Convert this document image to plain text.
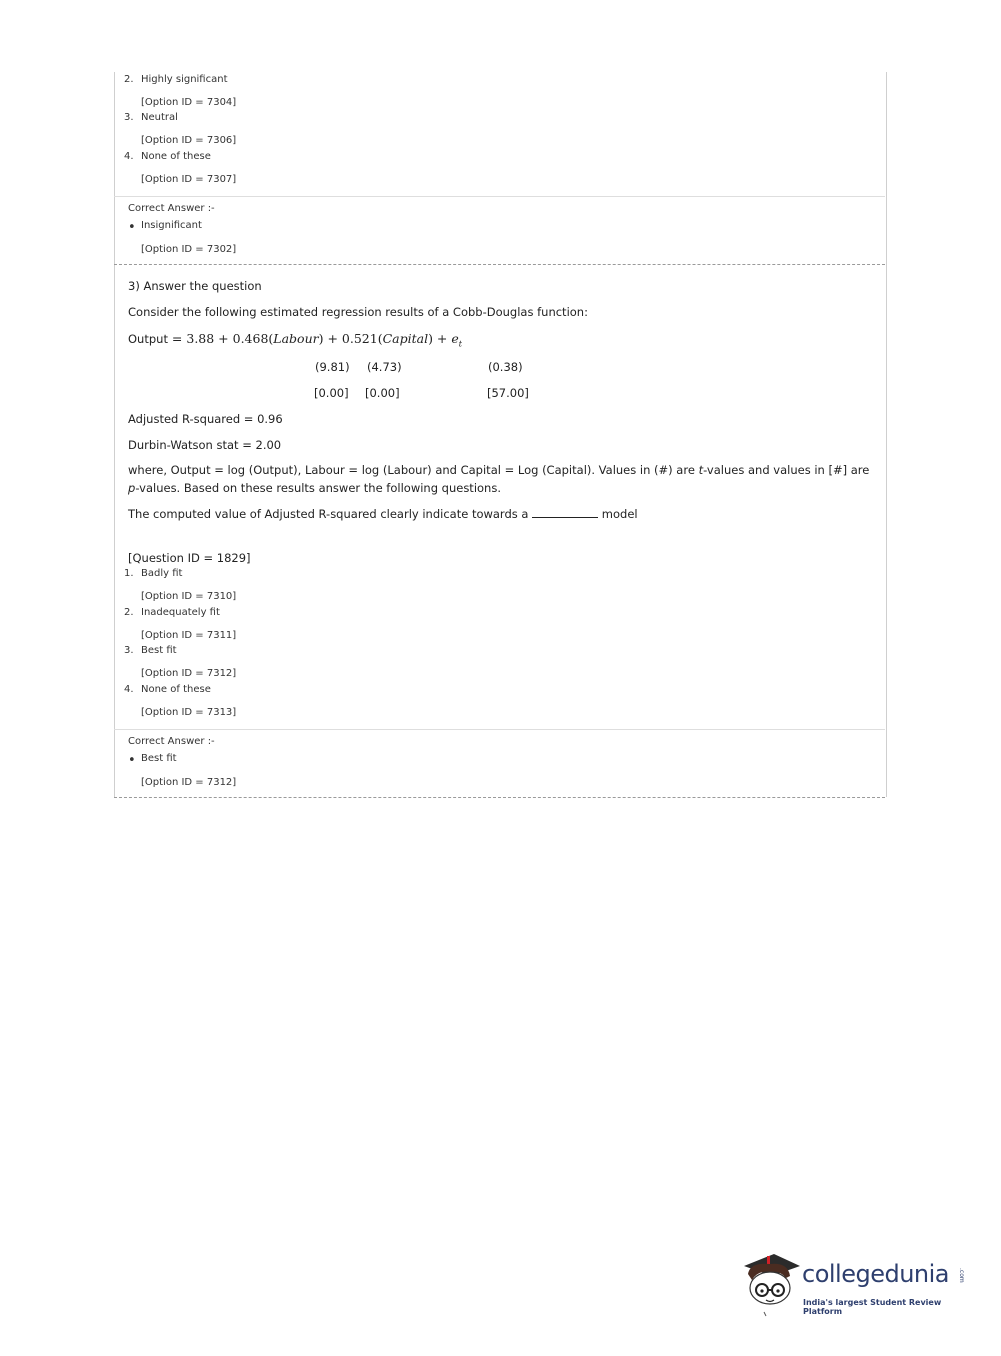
2. Highly significant
[Option ID = 7304]
3. Neutral
[Option ID = 7306]
4. None of these
[Option ID = 7307]
Correct Answer :-
• Insignificant
[Option ID = 7302]
3) Answer the question
Consider the following estimated regression results of a Cobb-Douglas function:
Output = 3.88 + 0.468(Labour) + 0.521(Capital) + $e_t$
(9.81) (4.73)	(0.38)
[0.00] [0.00]	[57.00]
Adjusted R-squared = 0.96
Durbin-Watson stat = 2.00
where, Output = log (Output), Labour = log (Labour) and Capital = Log (Capital). Values in (#) are t-values and values in [#] are p-values. Based on these results answer the following questions.
The computed value of Adjusted R-squared clearly indicate towards a	model
[Question ID = 1829]
1. Badly fit
[Option ID = 7310]
2. Inadequately fit
[Option ID = 7311]
3. Best fit
[Option ID = 7312]
4. None of these
[Option ID = 7313]
Correct Answer :-
• Best fit
[Option ID = 7312]
collegedunia .com
India's largest Student Review Platform
